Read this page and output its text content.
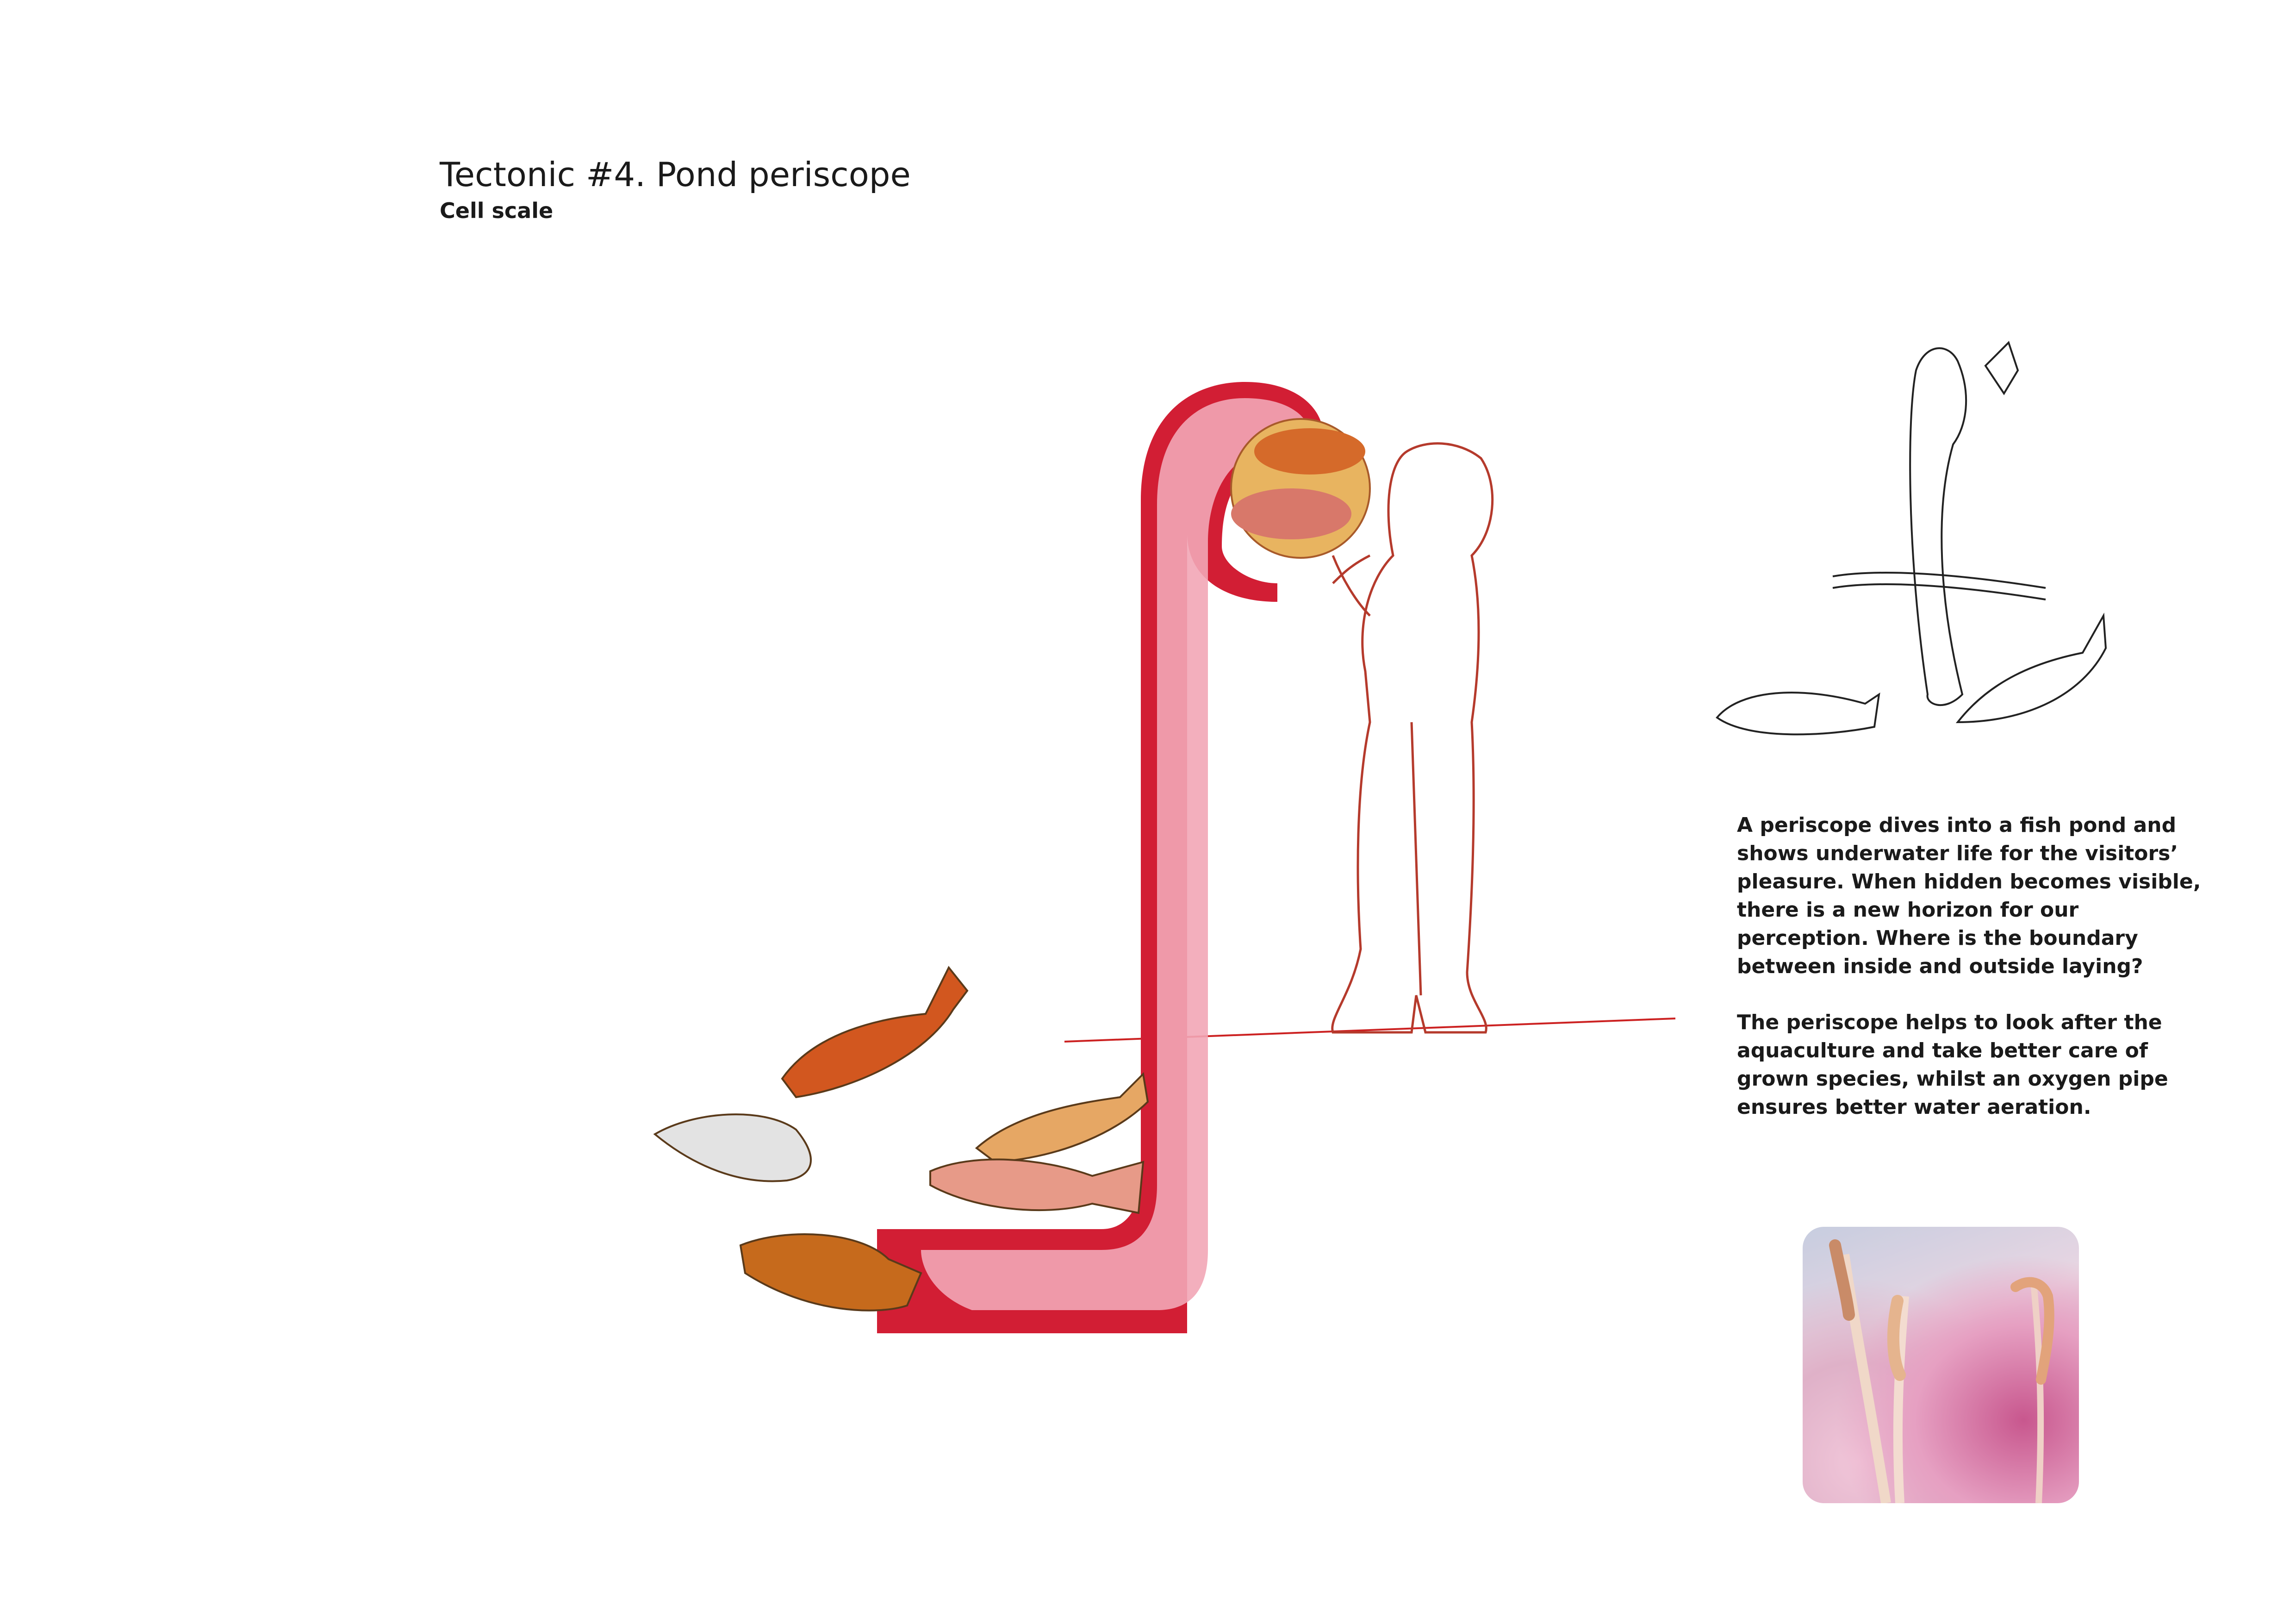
Tectonic #4. Pond periscope
Cell scale

A periscope dives into a fish pond and shows underwater life for the visitors’ pleasure. When hidden becomes visible, there is a new horizon for our perception. Where is the boundary between inside and outside laying?

The periscope helps to look after the aquaculture and take better care of grown species, whilst an oxygen pipe ensures better water aeration.
